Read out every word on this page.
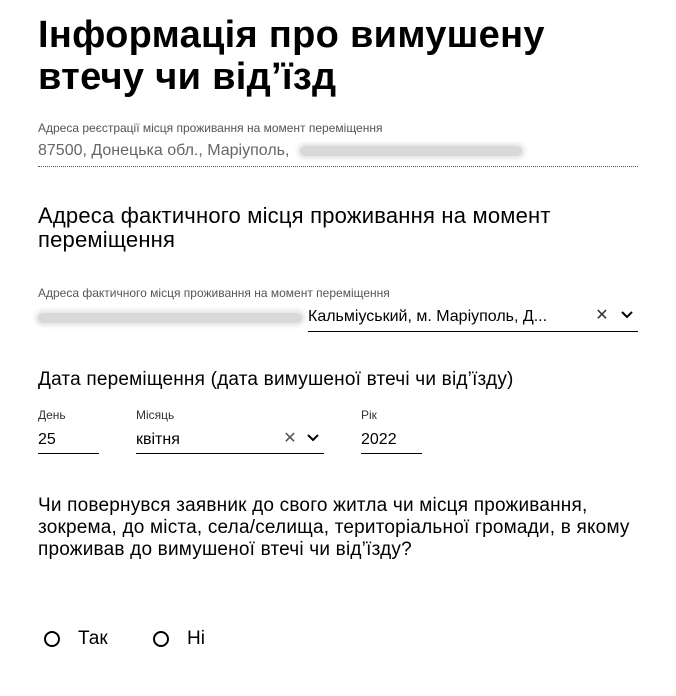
Інформація про вимушену втечу чи від’їзд
Адреса реєстрації місця проживання на момент переміщення
87500, Донецька обл., Маріуполь,
Адреса фактичного місця проживання на момент переміщення
Адреса фактичного місця проживання на момент переміщення
Кальміуський, м. Маріуполь, Д...	✕
Дата переміщення (дата вимушеної втечі чи від’їзду)
День
25
Місяць
квітня	✕
Рік
2022

Чи повернувся заявник до свого житла чи місця проживання, зокрема, до міста, села/селища, територіальної громади, в якому проживав до вимушеної втечі чи від’їзду?

Так	Ні
